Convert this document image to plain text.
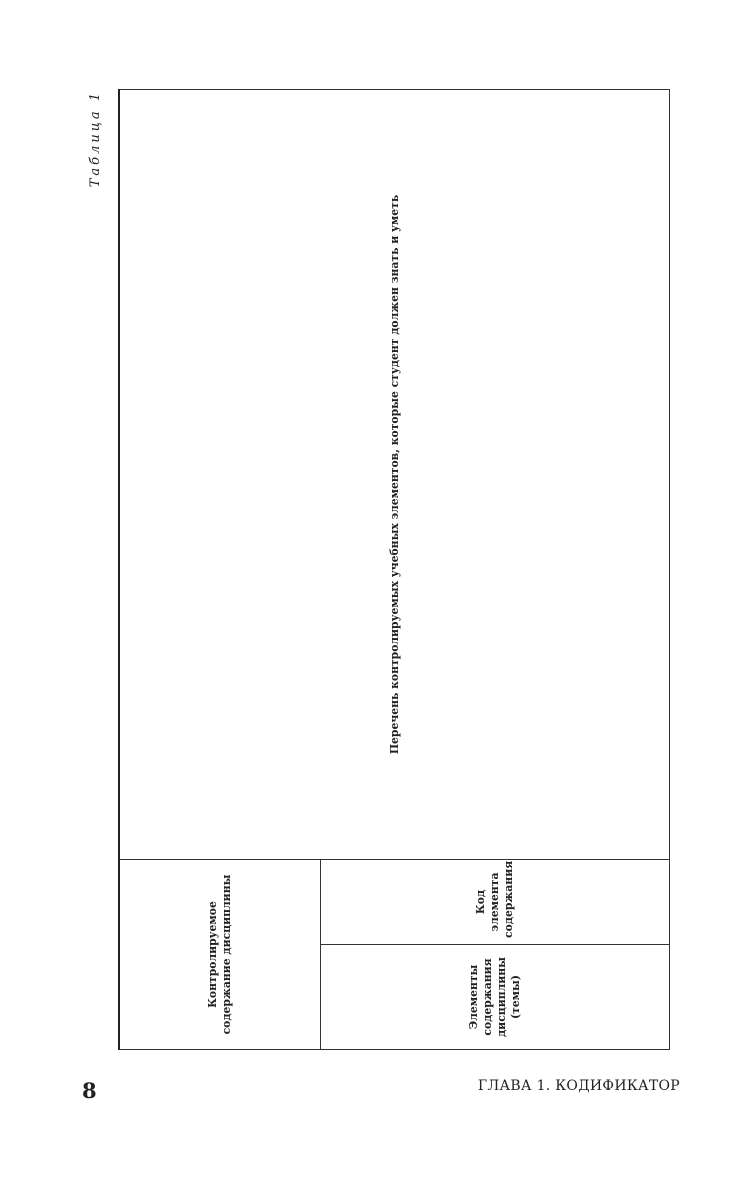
8	ГЛАВА 1. КОДИФИКАТОР
Таблица 1
Контролируемое содержание дисциплины		Перечень контролируемых учебных элементов, которые студент должен знать и уметь
Элементы содержания дисциплины (темы)	Код элемента содержания	
